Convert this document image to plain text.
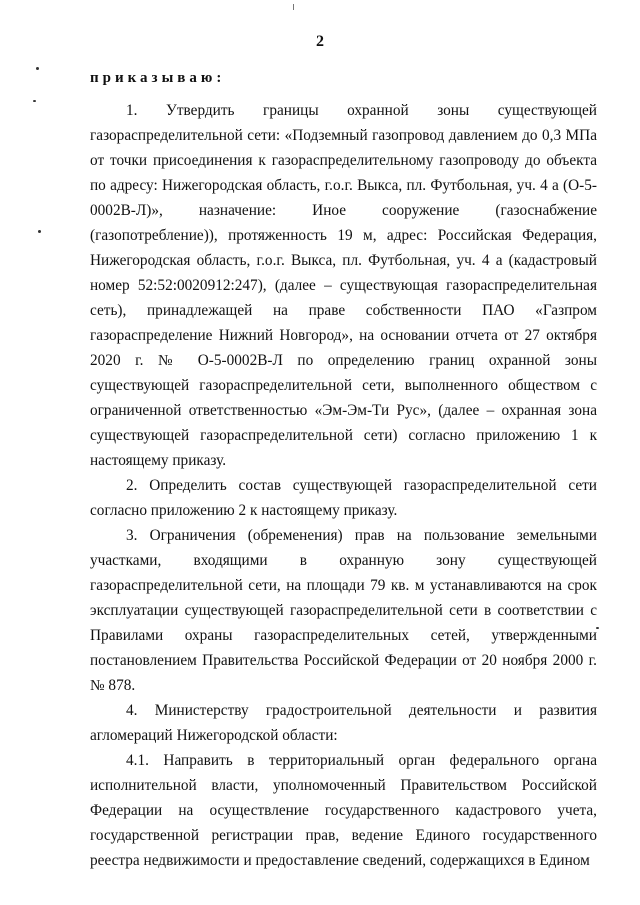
2
приказываю:

1. Утвердить границы охранной зоны существующей газораспределительной сети: «Подземный газопровод давлением до 0,3 МПа от точки присоединения к газораспределительному газопроводу до объекта по адресу: Нижегородская область, г.о.г. Выкса, пл. Футбольная, уч. 4 а (О-5-0002В-Л)», назначение: Иное сооружение (газоснабжение (газопотребление)), протяженность 19 м, адрес: Российская Федерация, Нижегородская область, г.о.г. Выкса, пл. Футбольная, уч. 4 а (кадастровый номер 52:52:0020912:247), (далее – существующая газораспределительная сеть), принадлежащей на праве собственности ПАО «Газпром газораспределение Нижний Новгород», на основании отчета от 27 октября 2020 г. № О-5-0002В-Л по определению границ охранной зоны существующей газораспределительной сети, выполненного обществом с ограниченной ответственностью «Эм-Эм-Ти Рус», (далее – охранная зона существующей газораспределительной сети) согласно приложению 1 к настоящему приказу.

2. Определить состав существующей газораспределительной сети согласно приложению 2 к настоящему приказу.

3. Ограничения (обременения) прав на пользование земельными участками, входящими в охранную зону существующей газораспределительной сети, на площади 79 кв. м устанавливаются на срок эксплуатации существующей газораспределительной сети в соответствии с Правилами охраны газораспределительных сетей, утвержденными постановлением Правительства Российской Федерации от 20 ноября 2000 г. № 878.

4. Министерству градостроительной деятельности и развития агломераций Нижегородской области:

4.1. Направить в территориальный орган федерального органа исполнительной власти, уполномоченный Правительством Российской Федерации на осуществление государственного кадастрового учета, государственной регистрации прав, ведение Единого государственного реестра недвижимости и предоставление сведений, содержащихся в Едином
